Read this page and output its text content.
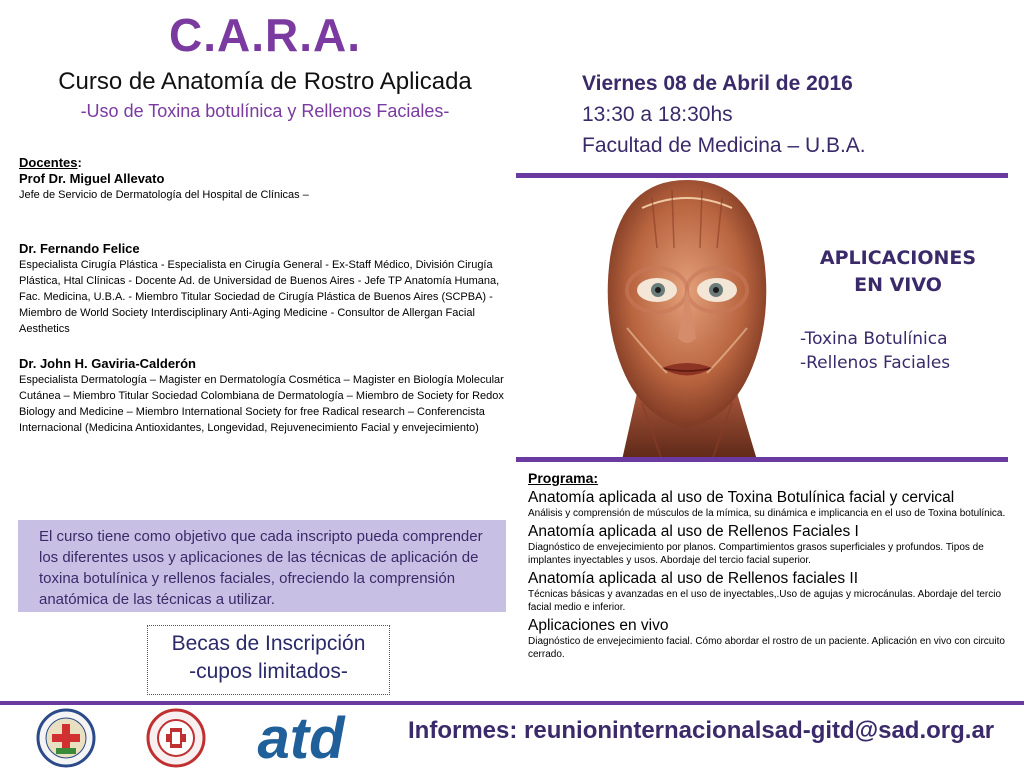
C.A.R.A.
Curso de Anatomía de Rostro Aplicada
-Uso de Toxina botulínica y Rellenos Faciales-
Viernes 08 de Abril de 2016
13:30 a 18:30hs
Facultad de Medicina – U.B.A.
Docentes:
Prof Dr. Miguel Allevato
Jefe de Servicio de Dermatología del Hospital de Clínicas –
Dr. Fernando Felice
Especialista Cirugía Plástica - Especialista en Cirugía General - Ex-Staff Médico, División Cirugía Plástica, Htal Clínicas - Docente Ad. de Universidad de Buenos Aires - Jefe TP Anatomía Humana, Fac. Medicina, U.B.A. - Miembro Titular Sociedad de Cirugía Plástica de Buenos Aires (SCPBA) - Miembro de World Society Interdisciplinary Anti-Aging Medicine - Consultor de Allergan Facial Aesthetics
Dr. John H. Gaviria-Calderón
Especialista Dermatología – Magister en Dermatología Cosmética – Magister en Biología Molecular Cutánea – Miembro Titular Sociedad Colombiana de Dermatología – Miembro de Society for Redox Biology and Medicine – Miembro International Society for free Radical research – Conferencista Internacional (Medicina Antioxidantes, Longevidad, Rejuvenecimiento Facial y envejecimiento)
APLICACIONES
EN VIVO
-Toxina Botulínica
-Rellenos Faciales
Programa:
Anatomía aplicada al uso de Toxina Botulínica facial y cervical
Análisis y comprensión de músculos de la mímica, su dinámica e implicancia en el uso de Toxina botulínica.
Anatomía aplicada al uso de Rellenos Faciales I
Diagnóstico de envejecimiento por planos. Compartimientos grasos superficiales y profundos. Tipos de implantes inyectables y usos. Abordaje del tercio facial superior.
Anatomía aplicada al uso de Rellenos faciales II
Técnicas básicas y avanzadas en el uso de inyectables,.Uso de agujas y microcánulas. Abordaje del tercio facial medio e inferior.
Aplicaciones en vivo
Diagnóstico de envejecimiento facial. Cómo abordar el rostro de un paciente. Aplicación en vivo con circuito cerrado.
El curso tiene como objetivo que cada inscripto pueda comprender los diferentes usos y aplicaciones de las técnicas de aplicación de toxina botulínica y rellenos faciales, ofreciendo la comprensión anatómica de las técnicas a utilizar.
Becas de Inscripción
-cupos limitados-
atd	Informes: reunioninternacionalsad-gitd@sad.org.ar
